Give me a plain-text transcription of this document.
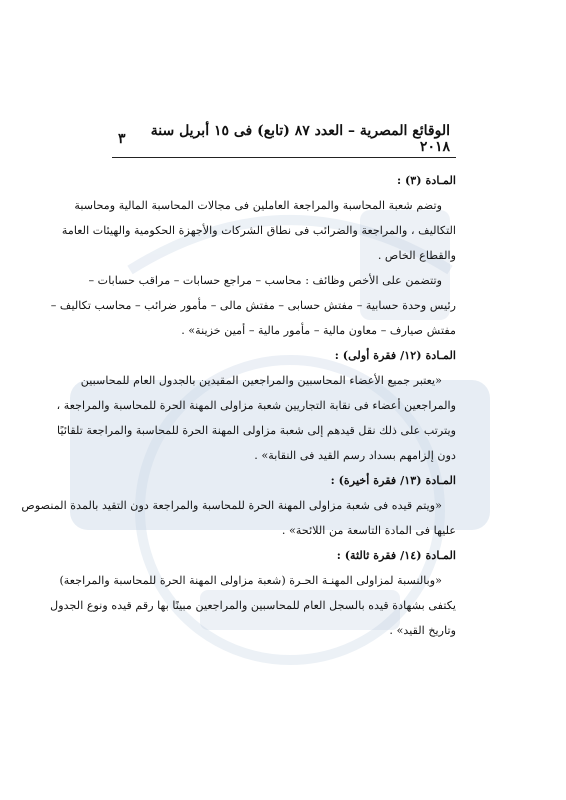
الوقائع المصرية – العدد ٨٧ (تابع) فى ١٥ أبريل سنة ٢٠١٨
٣
المـادة (٣) :
وتضم شعبة المحاسبة والمراجعة العاملين فى مجالات المحاسبة المالية ومحاسبة
التكاليف ، والمراجعة والضرائب فى نطاق الشركات والأجهزة الحكومية والهيئات العامة
والقطاع الخاص .
وتتضمن على الأخص وظائف : محاسب – مراجع حسابات – مراقب حسابات –
رئيس وحدة حسابية – مفتش حسابى – مفتش مالى – مأمور ضرائب – محاسب تكاليف –
مفتش صيارف – معاون مالية – مأمور مالية – أمين خزينة» .
المـادة (١٢/ فقرة أولى) :
«يعتبر جميع الأعضاء المحاسبين والمراجعين المقيدين بالجدول العام للمحاسبين
والمراجعين أعضاء فى نقابة التجاريين شعبة مزاولى المهنة الحرة للمحاسبة والمراجعة ،
ويترتب على ذلك نقل قيدهم إلى شعبة مزاولى المهنة الحرة للمحاسبة والمراجعة تلقائيًا
دون إلزامهم بسداد رسم القيد فى النقابة» .
المـادة (١٣/ فقرة أخيرة) :
«ويتم قيده فى شعبة مزاولى المهنة الحرة للمحاسبة والمراجعة دون التقيد بالمدة المنصوص
عليها فى المادة التاسعة من اللائحة» .
المـادة (١٤/ فقرة ثالثة) :
«وبالنسبة لمزاولى المهنـة الحـرة (شعبة مزاولى المهنة الحرة للمحاسبة والمراجعة)
يكتفى بشهادة قيده بالسجل العام للمحاسبين والمراجعين مبينًا بها رقم قيده ونوع الجدول
وتاريخ القيد» .
